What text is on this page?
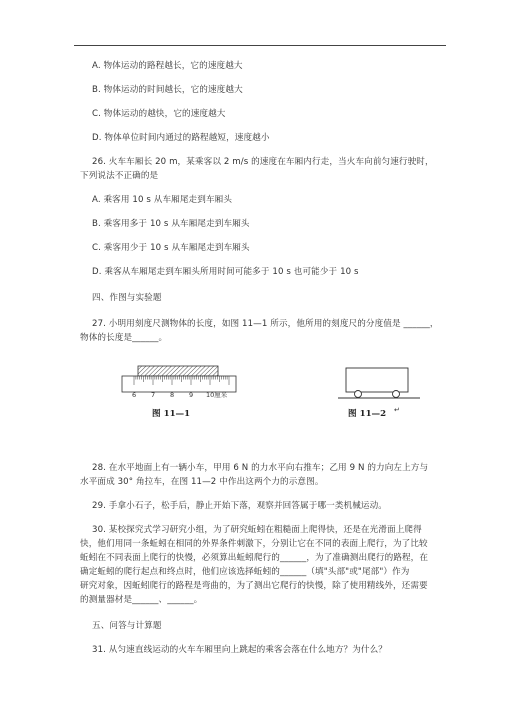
A. 物体运动的路程越长，它的速度越大
B. 物体运动的时间越长，它的速度越大
C. 物体运动的越快，它的速度越大
D. 物体单位时间内通过的路程越短，速度越小
26. 火车车厢长 20 m，某乘客以 2 m/s 的速度在车厢内行走，当火车向前匀速行驶时，
下列说法不正确的是
A. 乘客用 10 s 从车厢尾走到车厢头
B. 乘客用多于 10 s 从车厢尾走到车厢头
C. 乘客用少于 10 s 从车厢尾走到车厢头
D. 乘客从车厢尾走到车厢头所用时间可能多于 10 s 也可能少于 10 s
四、作图与实验题
27. 小明用刻度尺测物体的长度，如图 11—1 所示，他所用的刻度尺的分度值是 ______，
物体的长度是______。
6 7 8 9 10厘米
图 11—1	图 11—2 ↵
28. 在水平地面上有一辆小车，甲用 6 N 的力水平向右推车；乙用 9 N 的力向左上方与
水平面成 30° 角拉车，在图 11—2 中作出这两个力的示意图。
29. 手拿小石子，松手后，静止开始下落，观察并回答属于哪一类机械运动。
30. 某校探究式学习研究小组，为了研究蚯蚓在粗糙面上爬得快，还是在光滑面上爬得
快，他们用同一条蚯蚓在相同的外界条件刺激下，分别让它在不同的表面上爬行，为了比较
蚯蚓在不同表面上爬行的快慢，必须算出蚯蚓爬行的______，为了准确测出爬行的路程，在
确定蚯蚓的爬行起点和终点时，他们应该选择蚯蚓的______（填"头部"或"尾部"）作为
研究对象，因蚯蚓爬行的路程是弯曲的，为了测出它爬行的快慢，除了使用精线外，还需要
的测量器材是______、______。
五、问答与计算题
31. 从匀速直线运动的火车车厢里向上跳起的乘客会落在什么地方？为什么？
